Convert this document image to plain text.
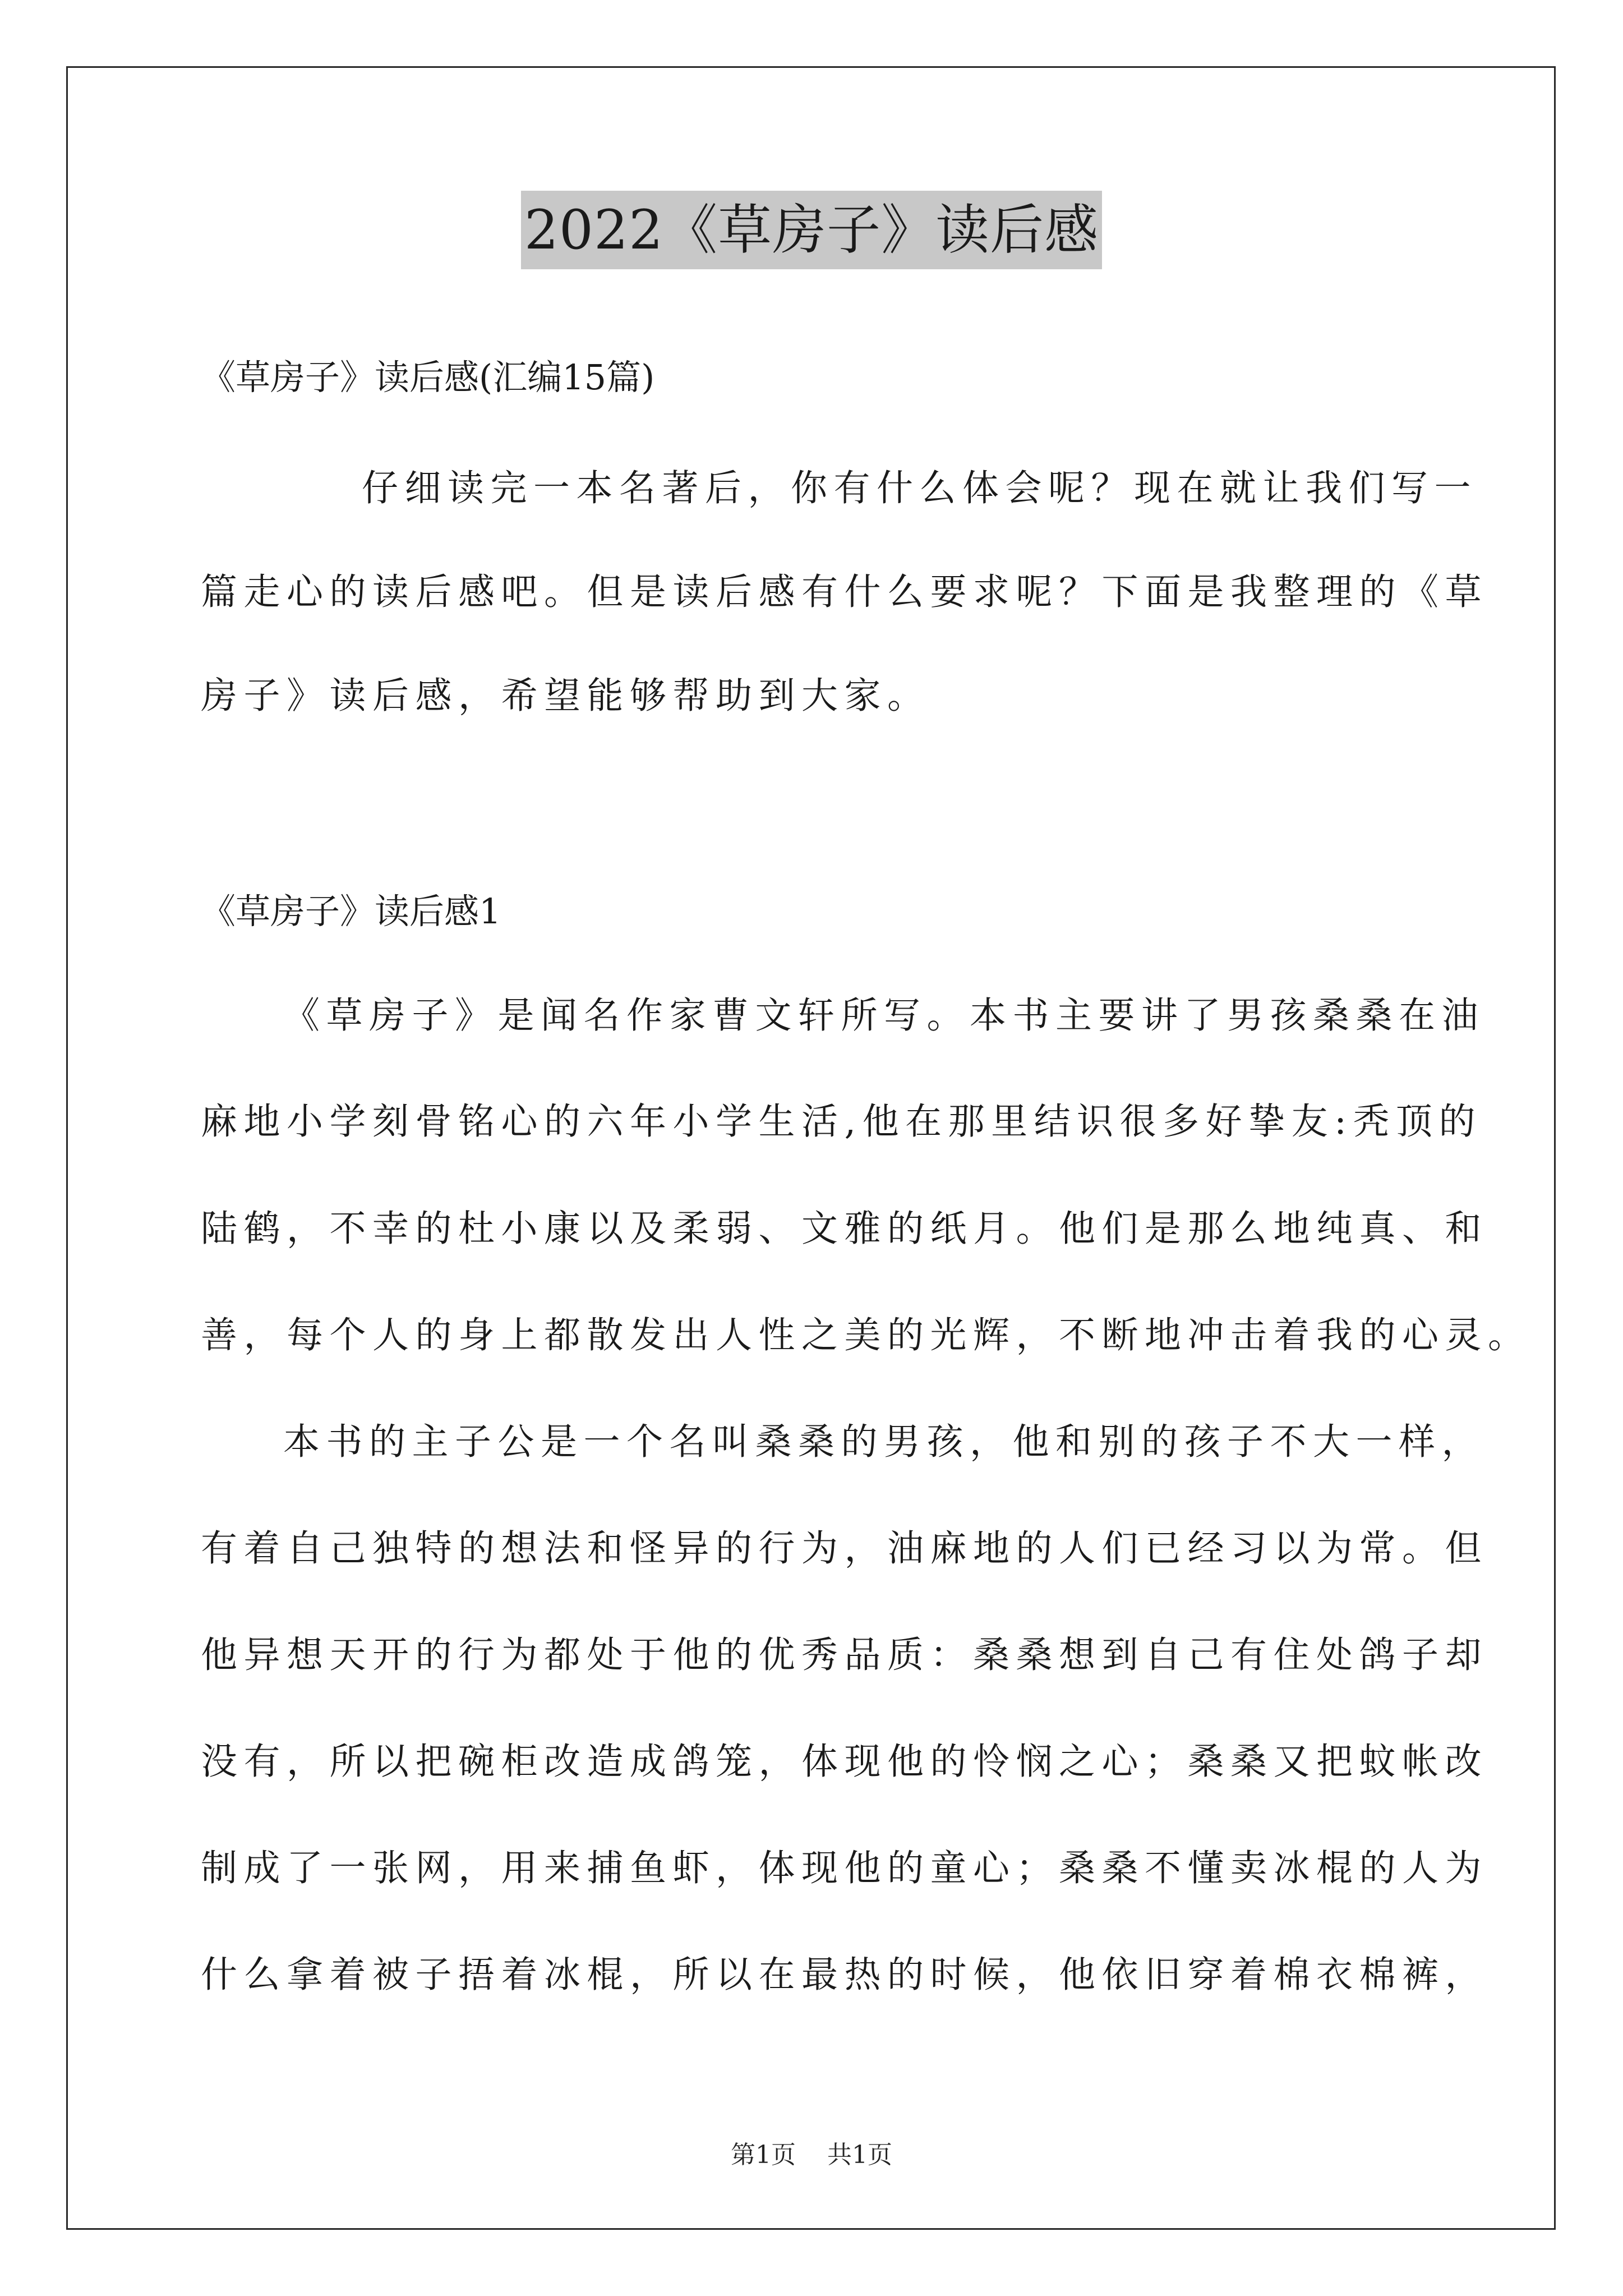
2022《草房子》读后感
《草房子》读后感(汇编15篇)
仔细读完一本名著后，你有什么体会呢？现在就让我们写一
篇走心的读后感吧。但是读后感有什么要求呢？下面是我整理的《草
房子》读后感，希望能够帮助到大家。
《草房子》读后感1
《草房子》是闻名作家曹文轩所写。本书主要讲了男孩桑桑在油
麻地小学刻骨铭心的六年小学生活,他在那里结识很多好挚友:秃顶的
陆鹤，不幸的杜小康以及柔弱、文雅的纸月。他们是那么地纯真、和
善，每个人的身上都散发出人性之美的光辉，不断地冲击着我的心灵。
本书的主子公是一个名叫桑桑的男孩，他和别的孩子不大一样，
有着自己独特的想法和怪异的行为，油麻地的人们已经习以为常。但
他异想天开的行为都处于他的优秀品质：桑桑想到自己有住处鸽子却
没有，所以把碗柜改造成鸽笼，体现他的怜悯之心；桑桑又把蚊帐改
制成了一张网，用来捕鱼虾，体现他的童心；桑桑不懂卖冰棍的人为
什么拿着被子捂着冰棍，所以在最热的时候，他依旧穿着棉衣棉裤，
第1页 共1页
